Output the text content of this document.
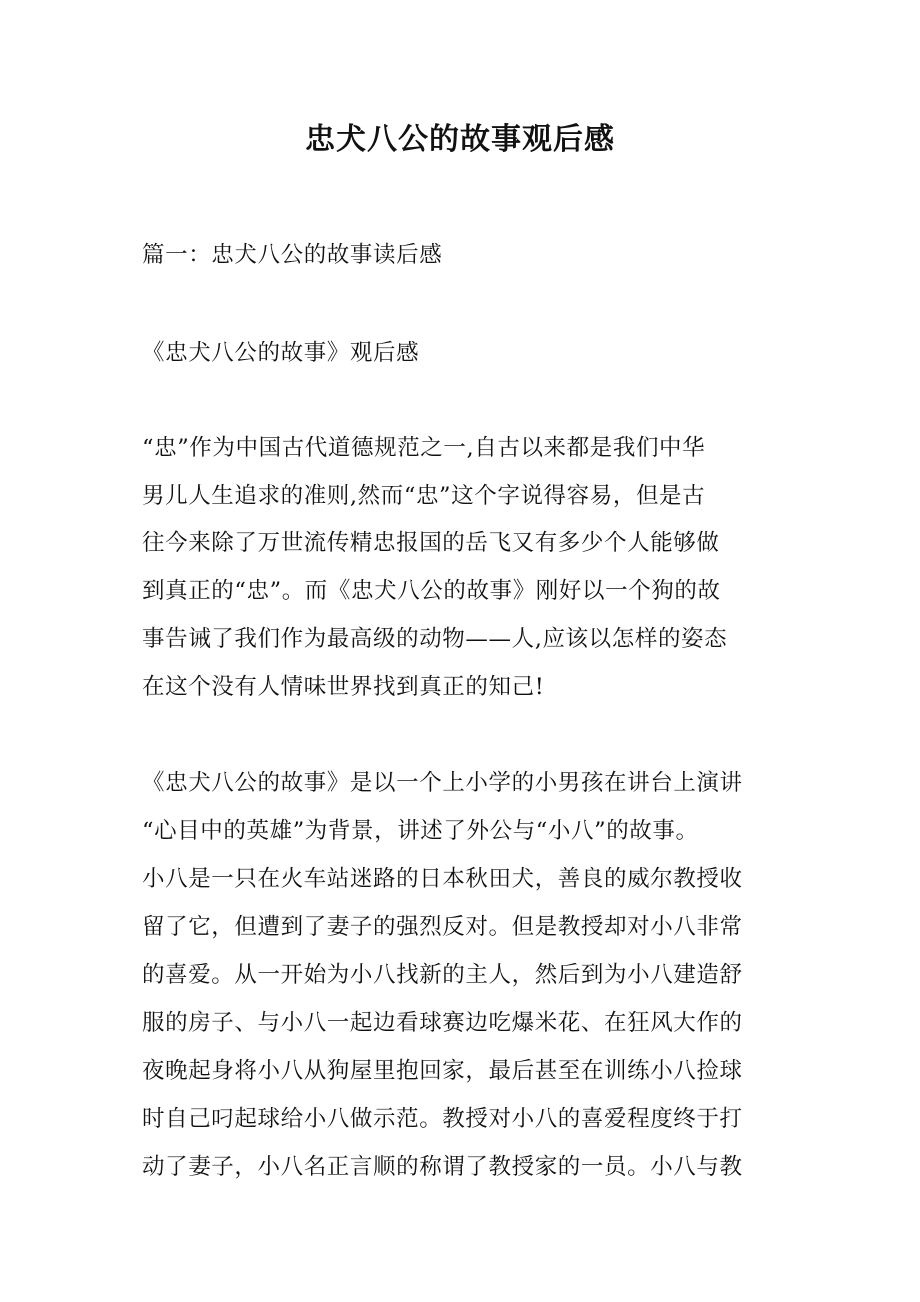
忠犬八公的故事观后感
篇一：忠犬八公的故事读后感
《忠犬八公的故事》观后感
“忠”作为中国古代道德规范之一,自古以来都是我们中华
男儿人生追求的准则,然而“忠”这个字说得容易，但是古
往今来除了万世流传精忠报国的岳飞又有多少个人能够做
到真正的“忠”。而《忠犬八公的故事》刚好以一个狗的故
事告诫了我们作为最高级的动物——人,应该以怎样的姿态
在这个没有人情味世界找到真正的知己!
《忠犬八公的故事》是以一个上小学的小男孩在讲台上演讲
“心目中的英雄”为背景，讲述了外公与“小八”的故事。
小八是一只在火车站迷路的日本秋田犬，善良的威尔教授收
留了它，但遭到了妻子的强烈反对。但是教授却对小八非常
的喜爱。从一开始为小八找新的主人，然后到为小八建造舒
服的房子、与小八一起边看球赛边吃爆米花、在狂风大作的
夜晚起身将小八从狗屋里抱回家，最后甚至在训练小八捡球
时自己叼起球给小八做示范。教授对小八的喜爱程度终于打
动了妻子，小八名正言顺的称谓了教授家的一员。小八与教
